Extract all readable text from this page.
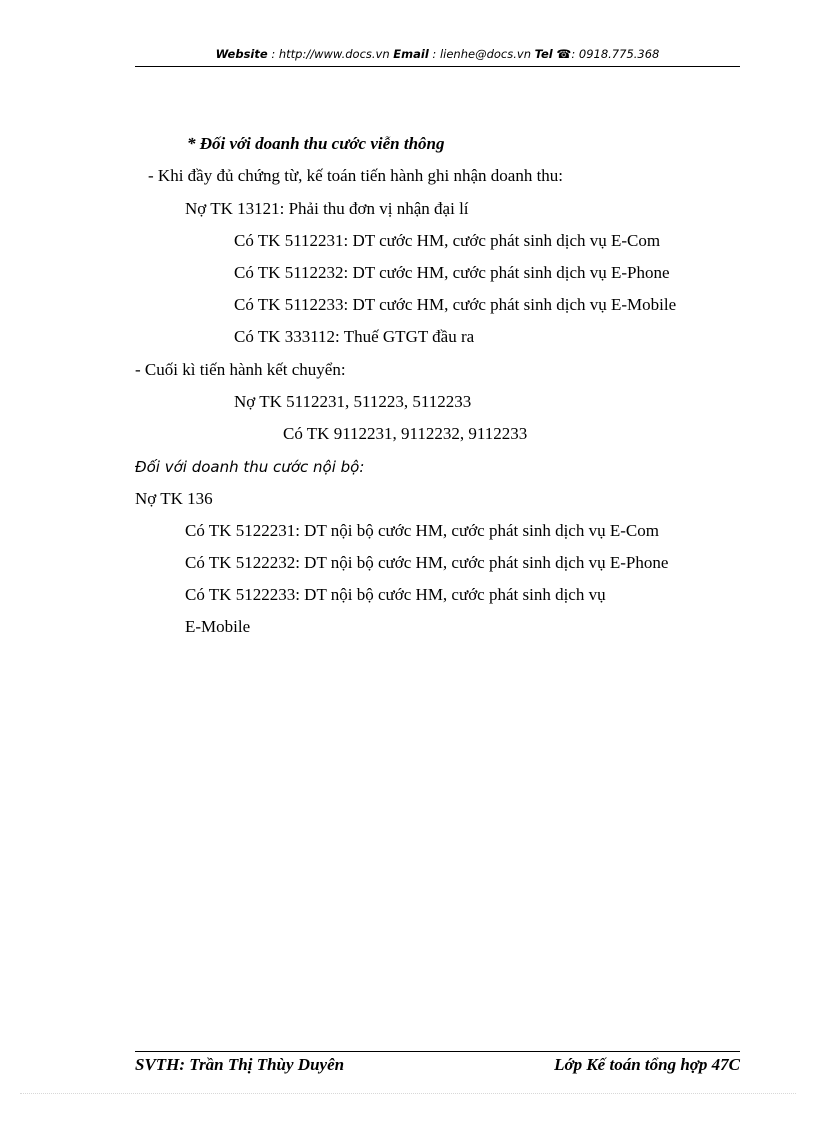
Website : http://www.docs.vn Email : lienhe@docs.vn Tel ☎: 0918.775.368
* Đối với doanh thu cước viễn thông
- Khi đầy đủ chứng từ, kế toán tiến hành ghi nhận doanh thu:
Nợ TK 13121: Phải thu đơn vị nhận đại lí
Có TK 5112231: DT cước HM, cước phát sinh dịch vụ E-Com
Có TK 5112232: DT cước HM, cước phát sinh dịch vụ E-Phone
Có TK 5112233: DT cước HM, cước phát sinh dịch vụ E-Mobile
Có TK 333112: Thuế GTGT đầu ra
- Cuối kì tiến hành kết chuyển:
Nợ TK 5112231, 511223, 5112233
Có TK 9112231, 9112232, 9112233
Đối với doanh thu cước nội bộ:
Nợ TK 136
Có TK 5122231: DT nội bộ cước HM, cước phát sinh dịch vụ E-Com
Có TK 5122232: DT nội bộ cước HM, cước phát sinh dịch vụ E-Phone
Có TK 5122233: DT nội bộ cước HM, cước phát sinh dịch vụ
E-Mobile
SVTH: Trần Thị Thùy Duyên	Lớp Kế toán tổng hợp 47C
